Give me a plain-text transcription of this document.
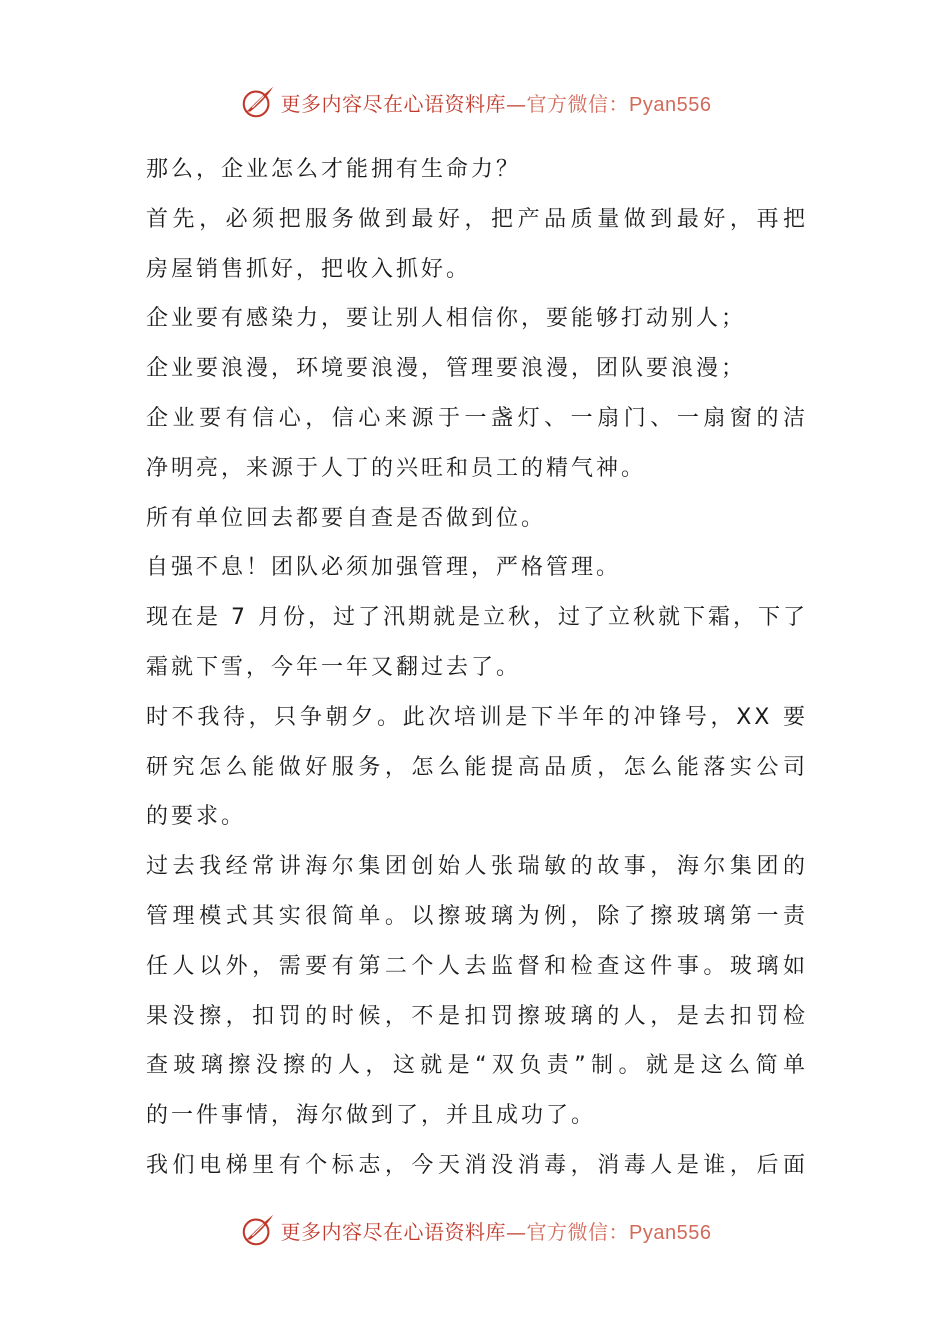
更多内容尽在心语资料库—官方微信：Pyan556
那么，企业怎么才能拥有生命力？
首先，必须把服务做到最好，把产品质量做到最好，再把
房屋销售抓好，把收入抓好。
企业要有感染力，要让别人相信你，要能够打动别人；
企业要浪漫，环境要浪漫，管理要浪漫，团队要浪漫；
企业要有信心，信心来源于一盏灯、一扇门、一扇窗的洁
净明亮，来源于人丁的兴旺和员工的精气神。
所有单位回去都要自查是否做到位。
自强不息！团队必须加强管理，严格管理。
现在是 7 月份，过了汛期就是立秋，过了立秋就下霜，下了
霜就下雪，今年一年又翻过去了。
时不我待，只争朝夕。此次培训是下半年的冲锋号，XX 要
研究怎么能做好服务，怎么能提高品质，怎么能落实公司
的要求。
过去我经常讲海尔集团创始人张瑞敏的故事，海尔集团的
管理模式其实很简单。以擦玻璃为例，除了擦玻璃第一责
任人以外，需要有第二个人去监督和检查这件事。玻璃如
果没擦，扣罚的时候，不是扣罚擦玻璃的人，是去扣罚检
查玻璃擦没擦的人，这就是“双负责”制。就是这么简单
的一件事情，海尔做到了，并且成功了。
我们电梯里有个标志，今天消没消毒，消毒人是谁，后面
更多内容尽在心语资料库—官方微信：Pyan556
